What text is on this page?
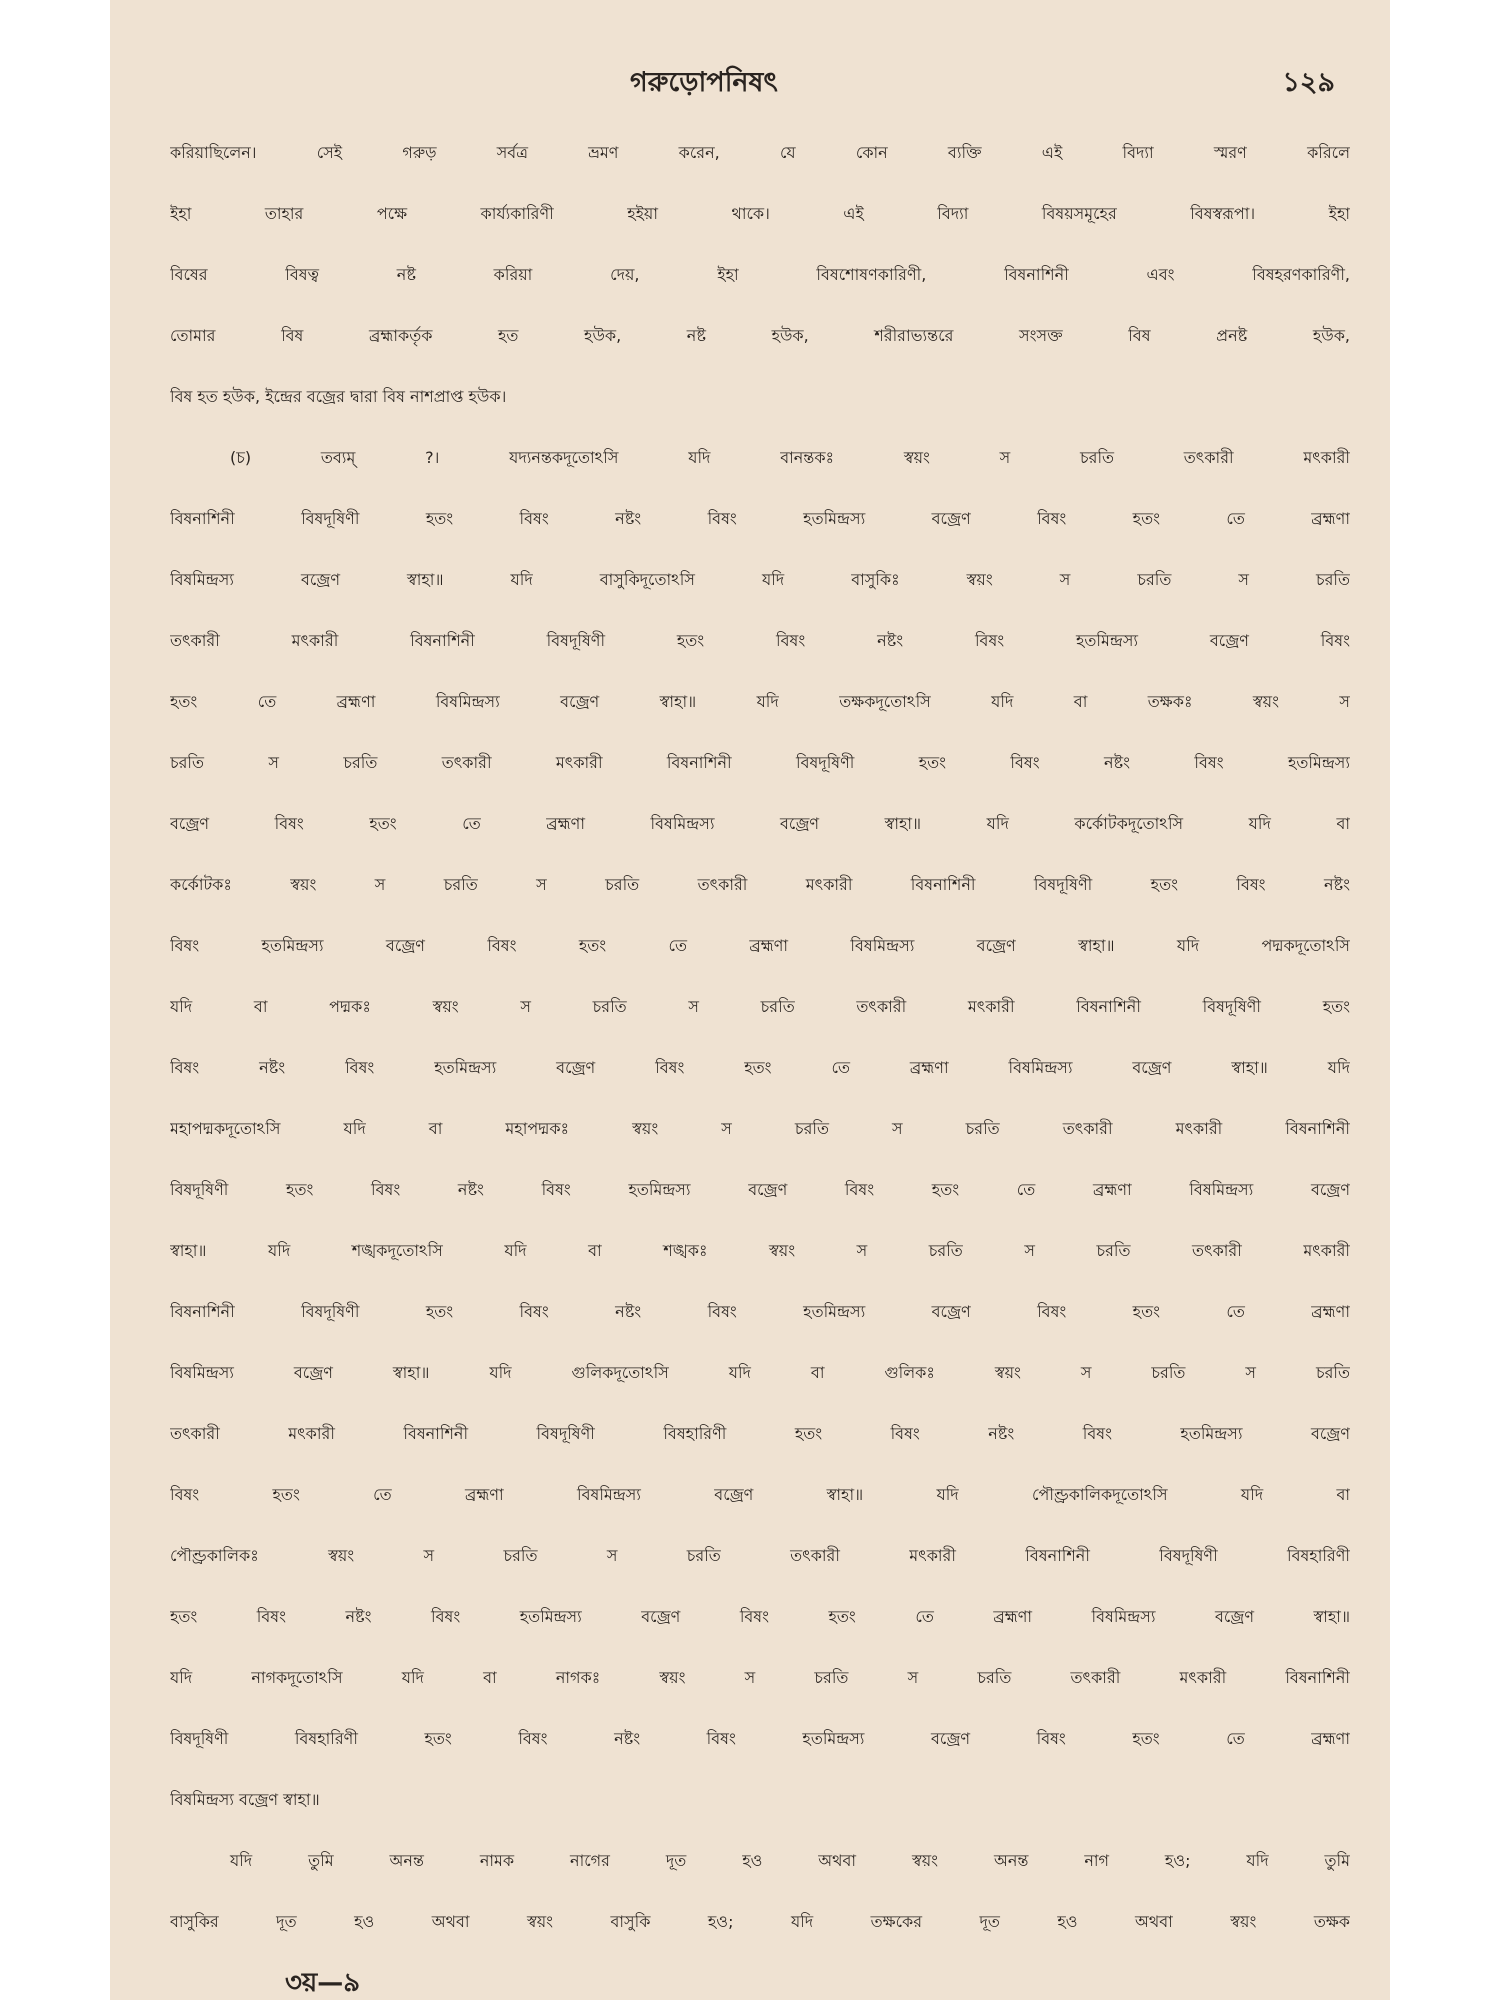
গরুড়োপনিষৎ	১২৯
করিয়াছিলেন। সেই গরুড় সর্বত্র ভ্রমণ করেন, যে কোন ব্যক্তি এই বিদ্যা স্মরণ করিলে
ইহা তাহার পক্ষে কার্য্যকারিণী হইয়া থাকে। এই বিদ্যা বিষয়সমূহের বিষস্বরূপা। ইহা
বিষের বিষত্ব নষ্ট করিয়া দেয়, ইহা বিষশোষণকারিণী, বিষনাশিনী এবং বিষহরণকারিণী,
তোমার বিষ ব্রহ্মাকর্তৃক হত হউক, নষ্ট হউক, শরীরাভ্যন্তরে সংসক্ত বিষ প্রনষ্ট হউক,
বিষ হত হউক, ইন্দ্রের বজ্রের দ্বারা বিষ নাশপ্রাপ্ত হউক।
(চ) তব্যম্ ?। যদ্যনন্তকদূতোঽসি যদি বানন্তকঃ স্বয়ং স চরতি তৎকারী মৎকারী
বিষনাশিনী বিষদূষিণী হতং বিষং নষ্টং বিষং হতমিন্দ্রস্য বজ্রেণ বিষং হতং তে ব্রহ্মণা
বিষমিন্দ্রস্য বজ্রেণ স্বাহা॥ যদি বাসুকিদূতোঽসি যদি বাসুকিঃ স্বয়ং স চরতি স চরতি
তৎকারী মৎকারী বিষনাশিনী বিষদূষিণী হতং বিষং নষ্টং বিষং হতমিন্দ্রস্য বজ্রেণ বিষং
হতং তে ব্রহ্মণা বিষমিন্দ্রস্য বজ্রেণ স্বাহা॥ যদি তক্ষকদূতোঽসি যদি বা তক্ষকঃ স্বয়ং স
চরতি স চরতি তৎকারী মৎকারী বিষনাশিনী বিষদূষিণী হতং বিষং নষ্টং বিষং হতমিন্দ্রস্য
বজ্রেণ বিষং হতং তে ব্রহ্মণা বিষমিন্দ্রস্য বজ্রেণ স্বাহা॥ যদি কর্কোটকদূতোঽসি যদি বা
কর্কোটকঃ স্বয়ং স চরতি স চরতি তৎকারী মৎকারী বিষনাশিনী বিষদূষিণী হতং বিষং নষ্টং
বিষং হতমিন্দ্রস্য বজ্রেণ বিষং হতং তে ব্রহ্মণা বিষমিন্দ্রস্য বজ্রেণ স্বাহা॥ যদি পদ্মকদূতোঽসি
যদি বা পদ্মকঃ স্বয়ং স চরতি স চরতি তৎকারী মৎকারী বিষনাশিনী বিষদূষিণী হতং
বিষং নষ্টং বিষং হতমিন্দ্রস্য বজ্রেণ বিষং হতং তে ব্রহ্মণা বিষমিন্দ্রস্য বজ্রেণ স্বাহা॥ যদি
মহাপদ্মকদূতোঽসি যদি বা মহাপদ্মকঃ স্বয়ং স চরতি স চরতি তৎকারী মৎকারী বিষনাশিনী
বিষদূষিণী হতং বিষং নষ্টং বিষং হতমিন্দ্রস্য বজ্রেণ বিষং হতং তে ব্রহ্মণা বিষমিন্দ্রস্য বজ্রেণ
স্বাহা॥ যদি শঙ্খকদূতোঽসি যদি বা শঙ্খকঃ স্বয়ং স চরতি স চরতি তৎকারী মৎকারী
বিষনাশিনী বিষদূষিণী হতং বিষং নষ্টং বিষং হতমিন্দ্রস্য বজ্রেণ বিষং হতং তে ব্রহ্মণা
বিষমিন্দ্রস্য বজ্রেণ স্বাহা॥ যদি গুলিকদূতোঽসি যদি বা গুলিকঃ স্বয়ং স চরতি স চরতি
তৎকারী মৎকারী বিষনাশিনী বিষদূষিণী বিষহারিণী হতং বিষং নষ্টং বিষং হতমিন্দ্রস্য বজ্রেণ
বিষং হতং তে ব্রহ্মণা বিষমিন্দ্রস্য বজ্রেণ স্বাহা॥ যদি পৌণ্ড্রকালিকদূতোঽসি যদি বা
পৌণ্ড্রকালিকঃ স্বয়ং স চরতি স চরতি তৎকারী মৎকারী বিষনাশিনী বিষদূষিণী বিষহারিণী
হতং বিষং নষ্টং বিষং হতমিন্দ্রস্য বজ্রেণ বিষং হতং তে ব্রহ্মণা বিষমিন্দ্রস্য বজ্রেণ স্বাহা॥
যদি নাগকদূতোঽসি যদি বা নাগকঃ স্বয়ং স চরতি স চরতি তৎকারী মৎকারী বিষনাশিনী
বিষদূষিণী বিষহারিণী হতং বিষং নষ্টং বিষং হতমিন্দ্রস্য বজ্রেণ বিষং হতং তে ব্রহ্মণা
বিষমিন্দ্রস্য বজ্রেণ স্বাহা॥
যদি তুমি অনন্ত নামক নাগের দূত হও অথবা স্বয়ং অনন্ত নাগ হও; যদি তুমি
বাসুকির দূত হও অথবা স্বয়ং বাসুকি হও; যদি তক্ষকের দূত হও অথবা স্বয়ং তক্ষক
৩য়—৯
